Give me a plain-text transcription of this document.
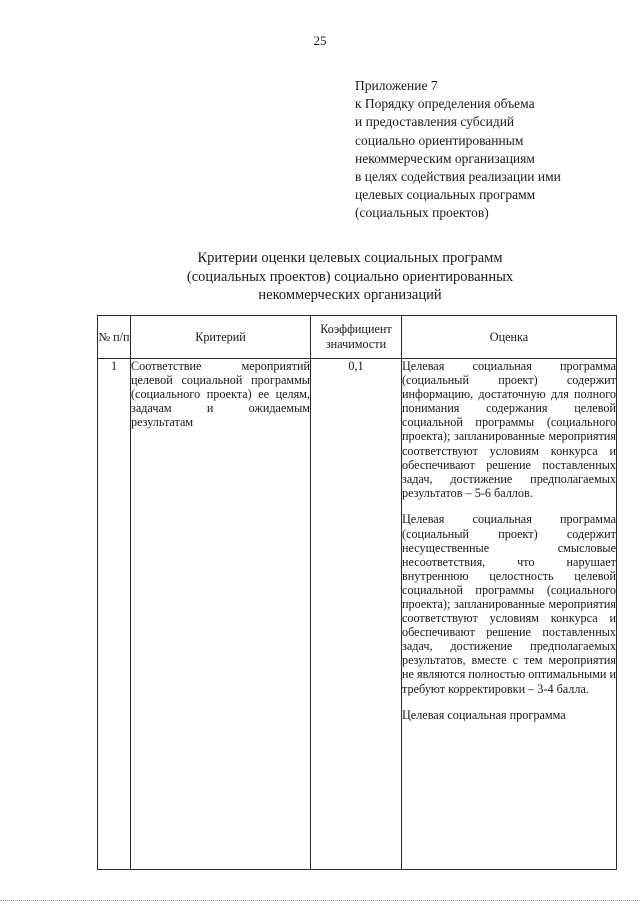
25
Приложение 7
к Порядку определения объема
и предоставления субсидий
социально ориентированным
некоммерческим организациям
в целях содействия реализации ими
целевых социальных программ
(социальных проектов)
Критерии оценки целевых социальных программ
(социальных проектов) социально ориентированных
некоммерческих организаций
№ п/п	Критерий	Коэффициент значимости	Оценка

1	Соответствие мероприятий целевой социальной программы (социального проекта) ее целям, задачам и ожидаемым результатам	0,1	Целевая социальная программа (социальный проект) содержит информацию, достаточную для полного понимания содержания целевой социальной программы (социального проекта); запланированные мероприятия соответствуют условиям конкурса и обеспечивают решение поставленных задач, достижение предполагаемых результатов – 5-6 баллов.

Целевая социальная программа (социальный проект) содержит несущественные смысловые несоответствия, что нарушает внутреннюю целостность целевой социальной программы (социального проекта); запланированные мероприятия соответствуют условиям конкурса и обеспечивают решение поставленных задач, достижение предполагаемых результатов, вместе с тем мероприятия не являются полностью оптимальными и требуют корректировки – 3-4 балла.

Целевая социальная программа
